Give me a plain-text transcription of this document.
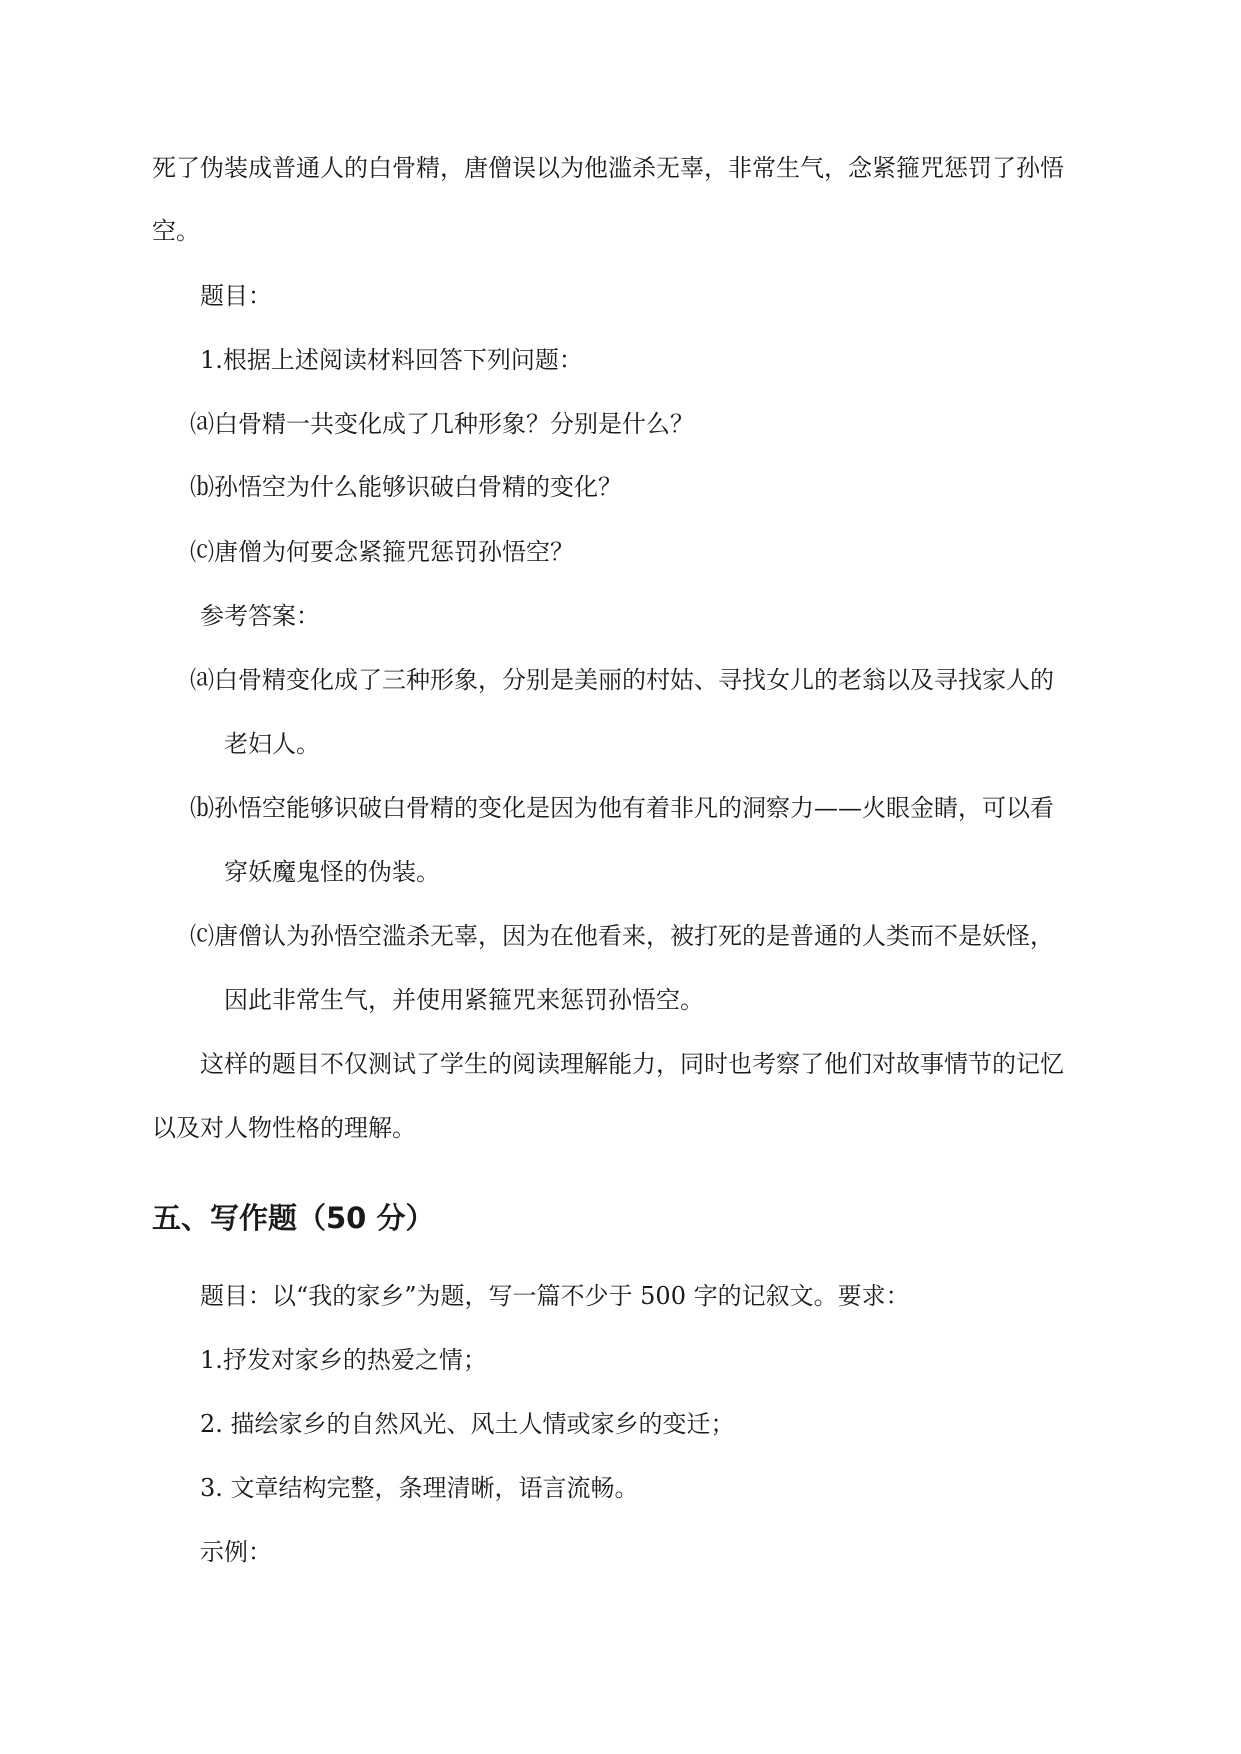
死了伪装成普通人的白骨精，唐僧误以为他滥杀无辜，非常生气，念紧箍咒惩罚了孙悟
空。
题目：
1.根据上述阅读材料回答下列问题：
⒜白骨精一共变化成了几种形象？分别是什么？
⒝孙悟空为什么能够识破白骨精的变化？
⒞唐僧为何要念紧箍咒惩罚孙悟空？
参考答案：
⒜白骨精变化成了三种形象，分别是美丽的村姑、寻找女儿的老翁以及寻找家人的
老妇人。
⒝孙悟空能够识破白骨精的变化是因为他有着非凡的洞察力——火眼金睛，可以看
穿妖魔鬼怪的伪装。
⒞唐僧认为孙悟空滥杀无辜，因为在他看来，被打死的是普通的人类而不是妖怪，
因此非常生气，并使用紧箍咒来惩罚孙悟空。
这样的题目不仅测试了学生的阅读理解能力，同时也考察了他们对故事情节的记忆
以及对人物性格的理解。
五、写作题（50 分）
题目：以“我的家乡”为题，写一篇不少于 500 字的记叙文。要求：
1.抒发对家乡的热爱之情；
2. 描绘家乡的自然风光、风土人情或家乡的变迁；
3. 文章结构完整，条理清晰，语言流畅。
示例：
